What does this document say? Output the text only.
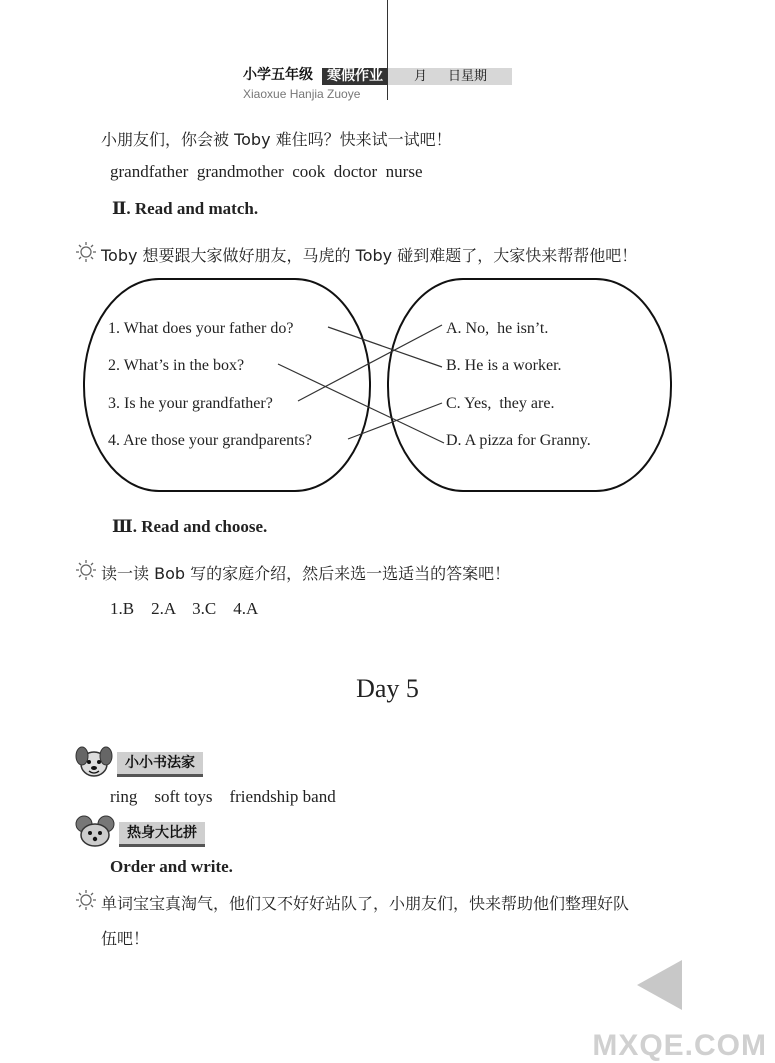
小学五年级	寒假作业	月 日星期
Xiaoxue Hanjia Zuoye
小朋友们，你会被 Toby 难住吗？快来试一试吧！
grandfather  grandmother  cook  doctor  nurse
Ⅱ. Read and match.
Toby 想要跟大家做好朋友，马虎的 Toby 碰到难题了，大家快来帮帮他吧！
1. What does your father do?
2. What’s in the box?
3. Is he your grandfather?
4. Are those your grandparents?
A. No,  he isn’t.
B. He is a worker.
C. Yes,  they are.
D. A pizza for Granny.
Ⅲ. Read and choose.
读一读 Bob 写的家庭介绍，然后来选一选适当的答案吧！
1.B    2.A    3.C    4.A
Day 5
小小书法家
ring    soft toys    friendship band
热身大比拼
Order and write.
单词宝宝真淘气，他们又不好好站队了，小朋友们，快来帮助他们整理好队
伍吧！
MXQE.COM
